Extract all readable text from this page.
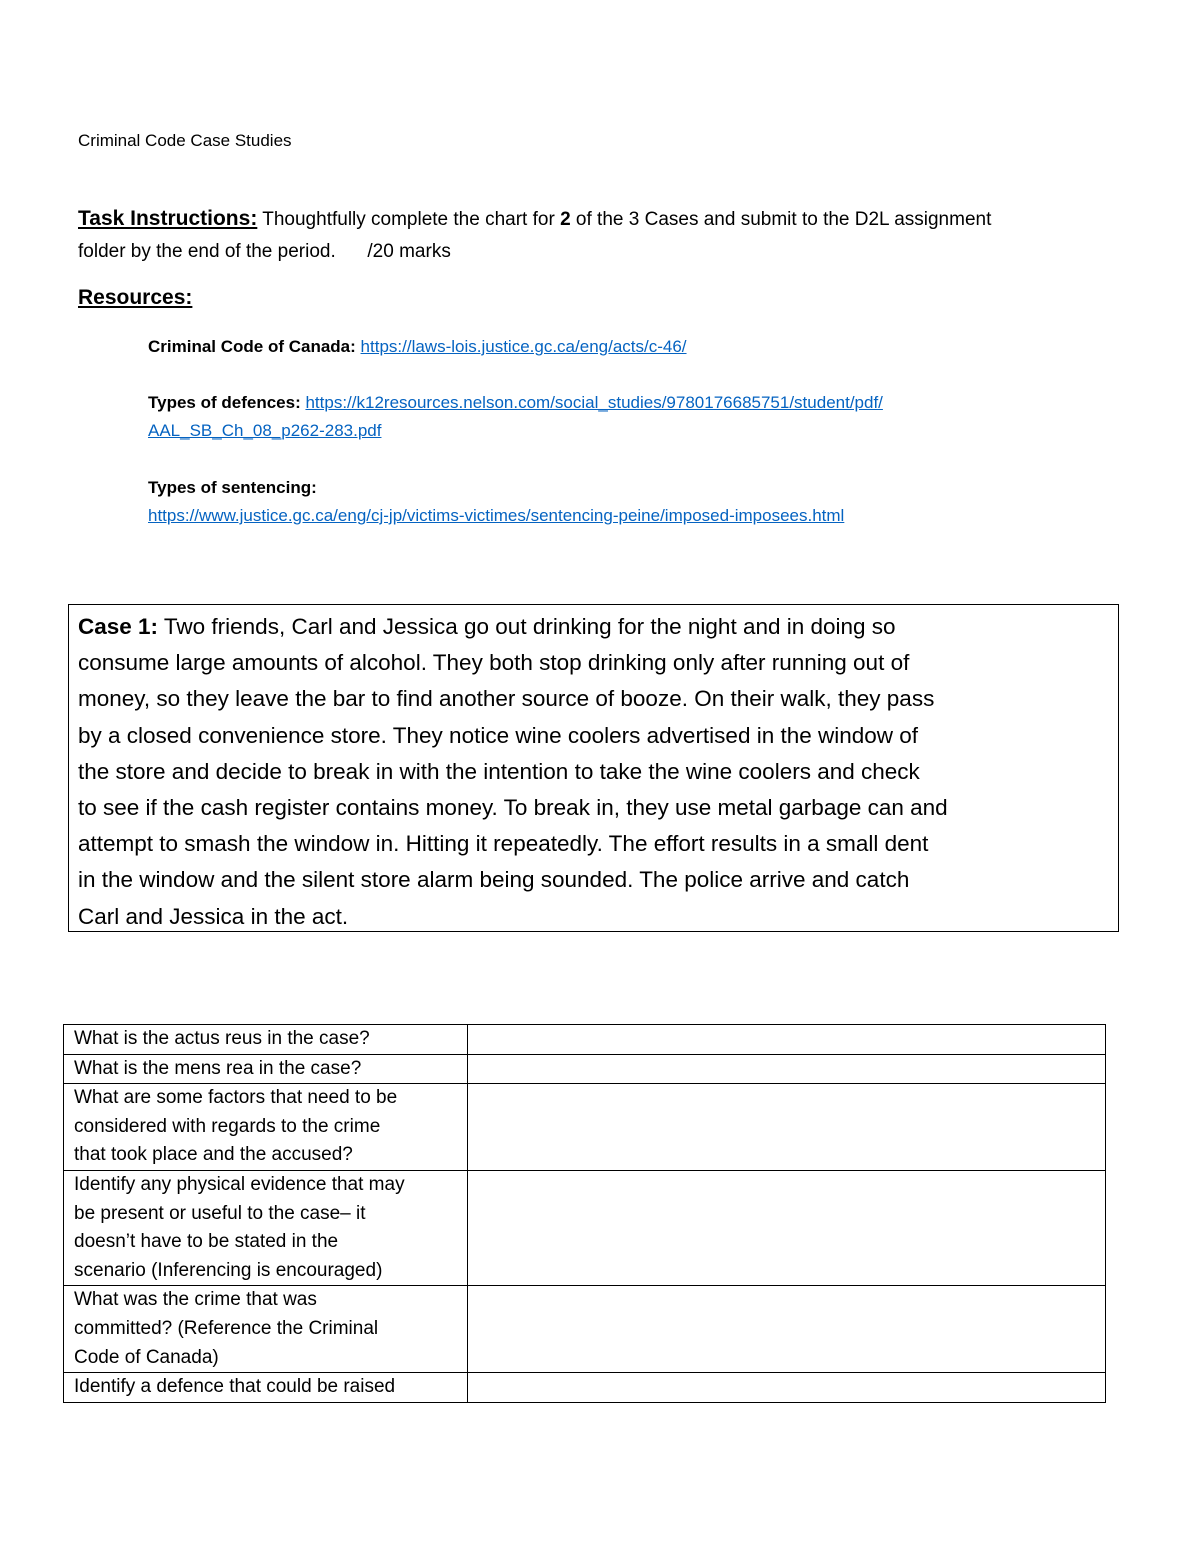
Criminal Code Case Studies
Task Instructions: Thoughtfully complete the chart for 2 of the 3 Cases and submit to the D2L assignment folder by the end of the period.      /20 marks
Resources:
Criminal Code of Canada: https://laws-lois.justice.gc.ca/eng/acts/c-46/
Types of defences: https://k12resources.nelson.com/social_studies/9780176685751/student/pdf/
AAL_SB_Ch_08_p262-283.pdf
Types of sentencing:
https://www.justice.gc.ca/eng/cj-jp/victims-victimes/sentencing-peine/imposed-imposees.html
Case 1: Two friends, Carl and Jessica go out drinking for the night and in doing so
consume large amounts of alcohol. They both stop drinking only after running out of
money, so they leave the bar to find another source of booze. On their walk, they pass
by a closed convenience store. They notice wine coolers advertised in the window of
the store and decide to break in with the intention to take the wine coolers and check
to see if the cash register contains money. To break in, they use metal garbage can and
attempt to smash the window in. Hitting it repeatedly. The effort results in a small dent
in the window and the silent store alarm being sounded. The police arrive and catch
Carl and Jessica in the act.
What is the actus reus in the case?	

What is the mens rea in the case?	

What are some factors that need to be
considered with regards to the crime
that took place and the accused?	

Identify any physical evidence that may
be present or useful to the case– it
doesn’t have to be stated in the
scenario (Inferencing is encouraged)	

What was the crime that was
committed? (Reference the Criminal
Code of Canada)	

Identify a defence that could be raised	
